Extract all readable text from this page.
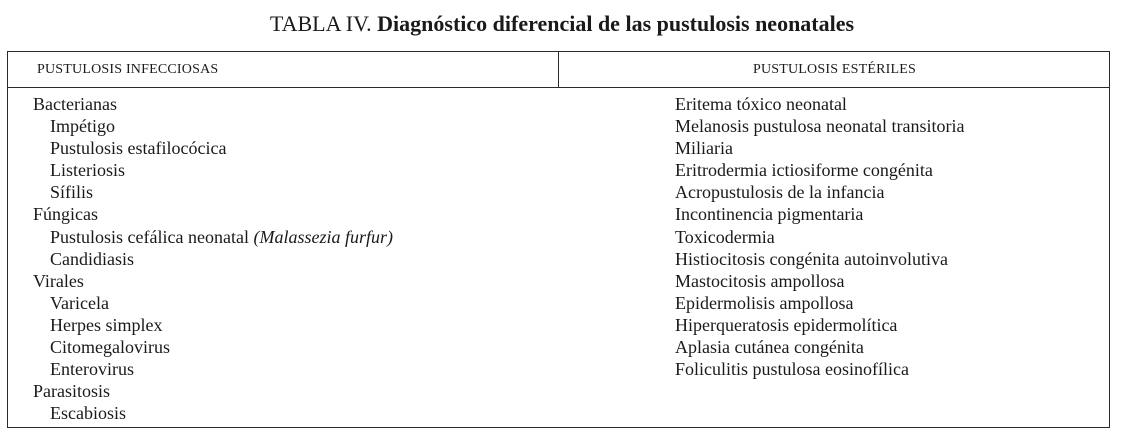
TABLA IV. Diagnóstico diferencial de las pustulosis neonatales
PUSTULOSIS INFECCIOSAS	PUSTULOSIS ESTÉRILES
Bacterianas
Impétigo
Pustulosis estafilocócica
Listeriosis
Sífilis
Fúngicas
Pustulosis cefálica neonatal (Malassezia furfur)
Candidiasis
Virales
Varicela
Herpes simplex
Citomegalovirus
Enterovirus
Parasitosis
Escabiosis
Eritema tóxico neonatal
Melanosis pustulosa neonatal transitoria
Miliaria
Eritrodermia ictiosiforme congénita
Acropustulosis de la infancia
Incontinencia pigmentaria
Toxicodermia
Histiocitosis congénita autoinvolutiva
Mastocitosis ampollosa
Epidermolisis ampollosa
Hiperqueratosis epidermolítica
Aplasia cutánea congénita
Foliculitis pustulosa eosinofílica
